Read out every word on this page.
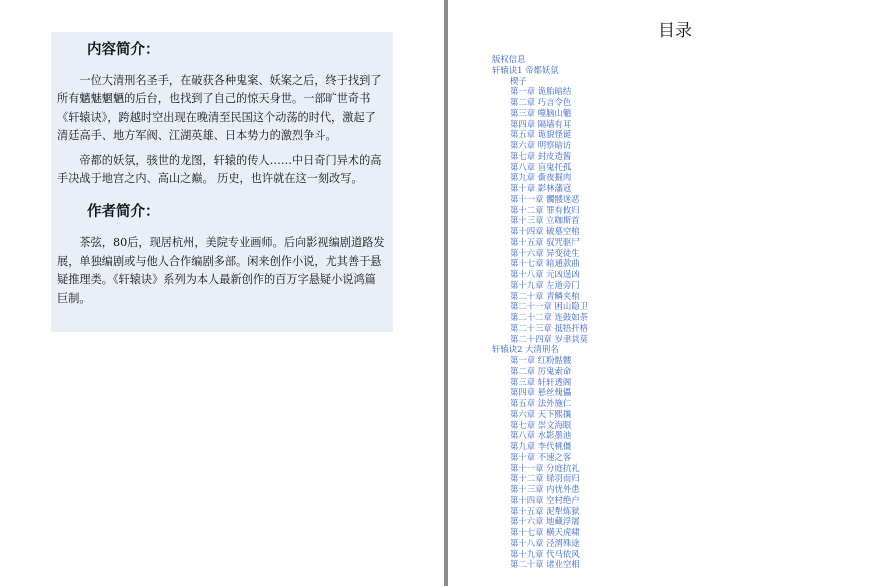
内容简介：

一位大清刑名圣手，在破获各种鬼案、妖案之后，终于找到了所有魑魅魍魉的后台，也找到了自己的惊天身世。一部旷世奇书《轩辕诀》，跨越时空出现在晚清至民国这个动荡的时代，激起了清廷高手、地方军阀、江湖英雄、日本势力的激烈争斗。

帝都的妖氛，骇世的龙图，轩辕的传人……中日奇门异术的高手决战于地宫之内、高山之巅。 历史，也许就在这一刻改写。

作者简介：

茶弦，80后，现居杭州，美院专业画师。后向影视编剧道路发展，单独编剧或与他人合作编剧多部。闲来创作小说，尤其善于悬疑推理类。《轩辕诀》系列为本人最新创作的百万字悬疑小说鸿篇巨制。

目录
版权信息
轩辕诀1 帝都妖氛
楔子
第一章 诡胎暗结
第二章 巧言令色
第三章 噬脑山魈
第四章 隔墙有耳
第五章 诡貌怪诞
第六章 明察暗访
第七章 封皮造酱
第八章 盲鬼托孤
第九章 夤夜掘肉
第十章 影林藩寇
第十一章 髑髅迷恶
第十二章 罪有攸归
第十三章 立咖斯首
第十四章 破墓空棺
第十五章 驭咒驱尸
第十六章 异变徒生
第十七章 暗通款曲
第十八章 元凶逞凶
第十九章 左道旁门
第二十章 青鳞夹棺
第二十一章 困山隐卫
第二十二章 连鼓如荼
第二十三章 抵牾扞格
第二十四章 岁聿其莫
轩辕诀2 大清刑名
第一章 红粉骷髅
第二章 厉鬼索命
第三章 轩轩透阁
第四章 悬丝傀儡
第五章 法外施仁
第六章 天下熙攘
第七章 崇文海眼
第八章 水影墨池
第九章 李代桃僵
第十章 不速之客
第十一章 分庭抗礼
第十二章 铩羽而归
第十三章 内忧外患
第十四章 空村绝户
第十五章 泥犁炼狱
第十六章 地藏浮屠
第十七章 横天虎啸
第十八章 泾渭殊途
第十九章 代马依风
第二十章 诸业空相
